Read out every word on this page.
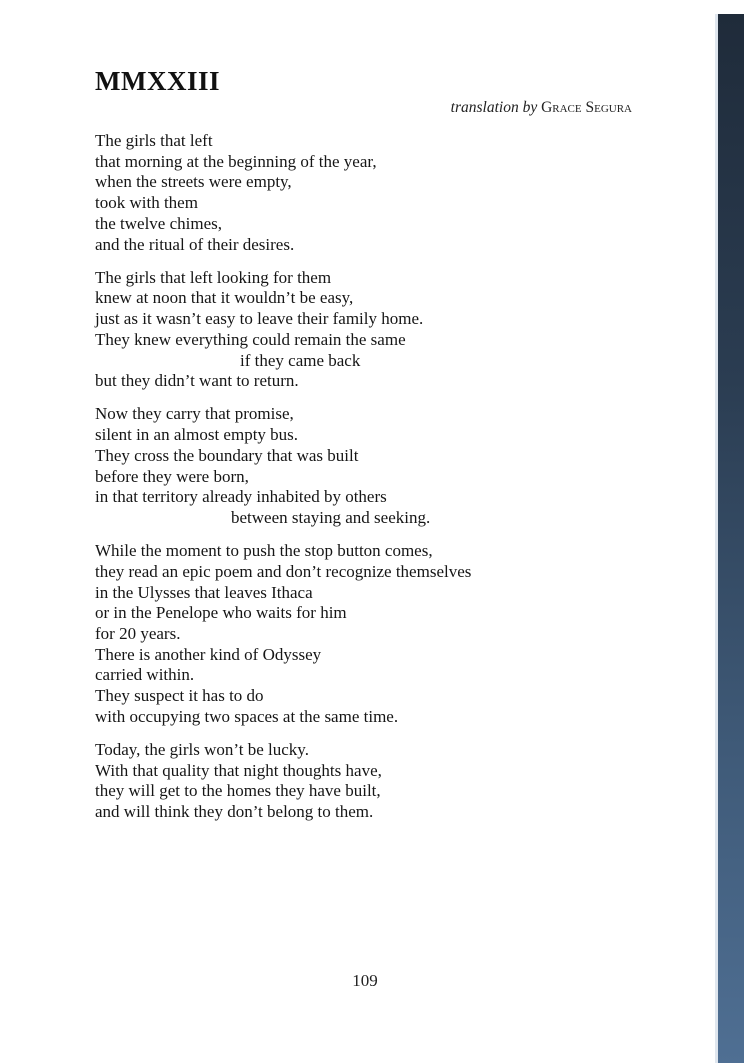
MMXXIII

translation by Grace Segura

The girls that left
that morning at the beginning of the year,
when the streets were empty,
took with them
the twelve chimes,
and the ritual of their desires.
The girls that left looking for them
knew at noon that it wouldn’t be easy,
just as it wasn’t easy to leave their family home.
They knew everything could remain the same
if they came back
but they didn’t want to return.
Now they carry that promise,
silent in an almost empty bus.
They cross the boundary that was built
before they were born,
in that territory already inhabited by others
between staying and seeking.
While the moment to push the stop button comes,
they read an epic poem and don’t recognize themselves
in the Ulysses that leaves Ithaca
or in the Penelope who waits for him
for 20 years.
There is another kind of Odyssey
carried within.
They suspect it has to do
with occupying two spaces at the same time.
Today, the girls won’t be lucky.
With that quality that night thoughts have,
they will get to the homes they have built,
and will think they don’t belong to them.
109
